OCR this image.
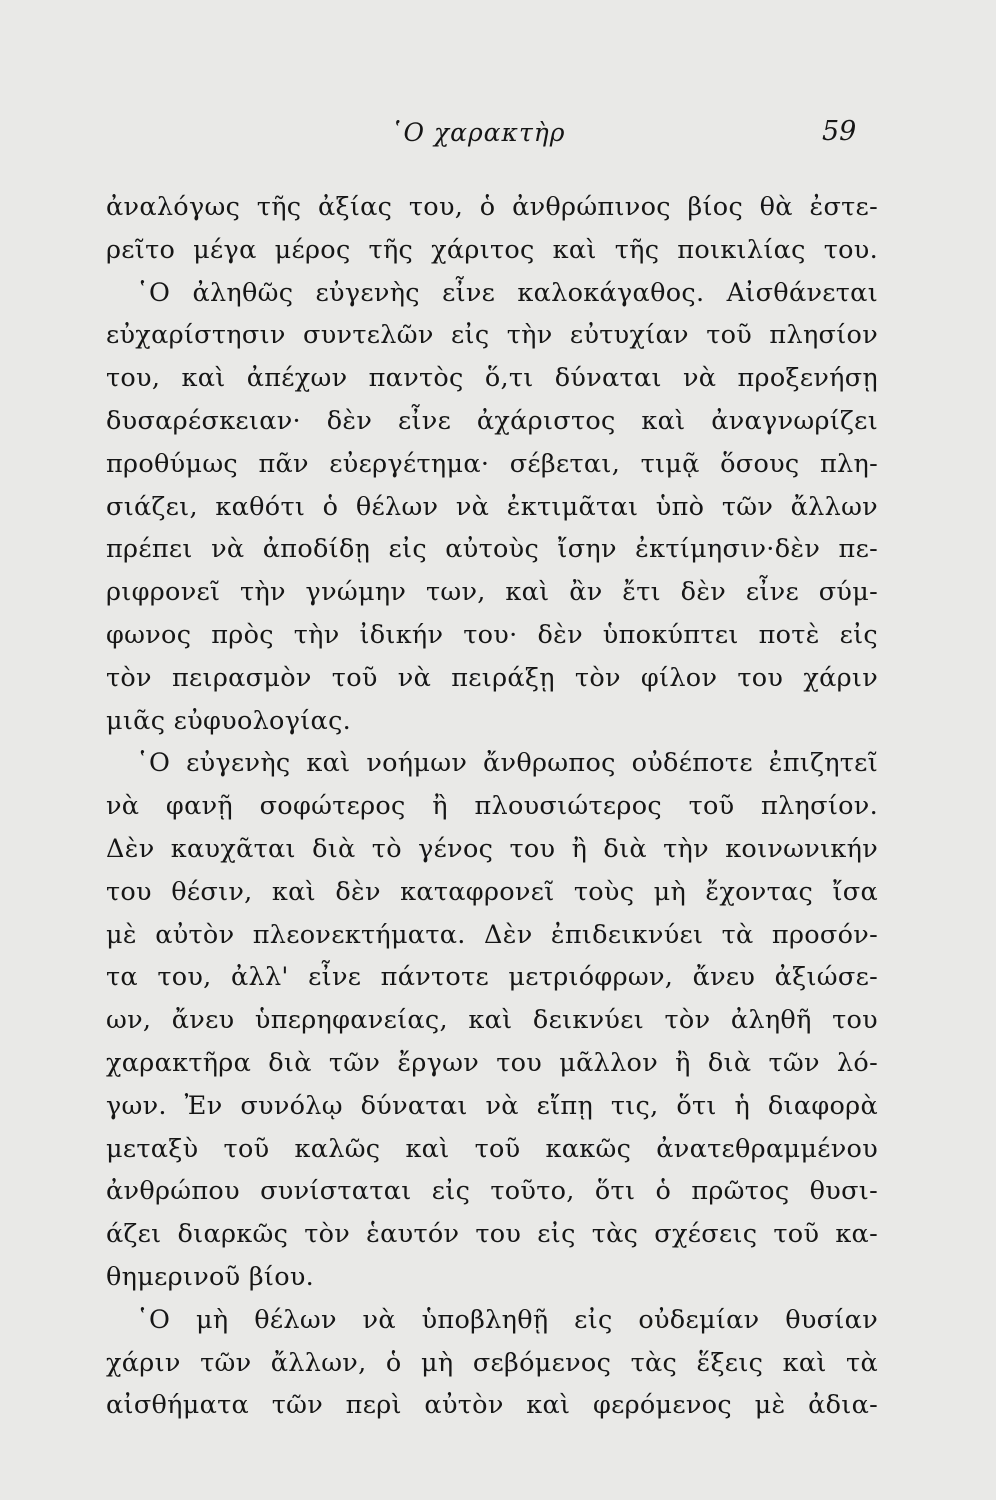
῾Ο χαρακτὴρ	59
ἀναλόγως τῆς ἀξίας του, ὁ ἀνθρώπινος βίος θὰ ἐστε-
ρεῖτο μέγα μέρος τῆς χάριτος καὶ τῆς ποικιλίας του.
῾Ο ἀληθῶς εὐγενὴς εἶνε καλοκάγαθος. Αἰσθάνεται
εὐχαρίστησιν συντελῶν εἰς τὴν εὐτυχίαν τοῦ πλησίον
του, καὶ ἀπέχων παντὸς ὅ,τι δύναται νὰ προξενήσῃ
δυσαρέσκειαν· δὲν εἶνε ἀχάριστος καὶ ἀναγνωρίζει
προθύμως πᾶν εὐεργέτημα· σέβεται, τιμᾷ ὅσους πλη-
σιάζει, καθότι ὁ θέλων νὰ ἐκτιμᾶται ὑπὸ τῶν ἄλλων
πρέπει νὰ ἀποδίδῃ εἰς αὐτοὺς ἴσην ἐκτίμησιν·δὲν πε-
ριφρονεῖ τὴν γνώμην των, καὶ ἂν ἔτι δὲν εἶνε σύμ-
φωνος πρὸς τὴν ἰδικήν του· δὲν ὑποκύπτει ποτὲ εἰς
τὸν πειρασμὸν τοῦ νὰ πειράξῃ τὸν φίλον του χάριν
μιᾶς εὐφυολογίας.
῾Ο εὐγενὴς καὶ νοήμων ἄνθρωπος οὐδέποτε ἐπιζητεῖ
νὰ φανῇ σοφώτερος ἢ πλουσιώτερος τοῦ πλησίον.
Δὲν καυχᾶται διὰ τὸ γένος του ἢ διὰ τὴν κοινωνικήν
του θέσιν, καὶ δὲν καταφρονεῖ τοὺς μὴ ἔχοντας ἴσα
μὲ αὐτὸν πλεονεκτήματα. Δὲν ἐπιδεικνύει τὰ προσόν-
τα του, ἀλλ' εἶνε πάντοτε μετριόφρων, ἄνευ ἀξιώσε-
ων, ἄνευ ὑπερηφανείας, καὶ δεικνύει τὸν ἀληθῆ του
χαρακτῆρα διὰ τῶν ἔργων του μᾶλλον ἢ διὰ τῶν λό-
γων. Ἐν συνόλῳ δύναται νὰ εἴπῃ τις, ὅτι ἡ διαφορὰ
μεταξὺ τοῦ καλῶς καὶ τοῦ κακῶς ἀνατεθραμμένου
ἀνθρώπου συνίσταται εἰς τοῦτο, ὅτι ὁ πρῶτος θυσι-
άζει διαρκῶς τὸν ἑαυτόν του εἰς τὰς σχέσεις τοῦ κα-
θημερινοῦ βίου.
῾Ο μὴ θέλων νὰ ὑποβληθῇ εἰς οὐδεμίαν θυσίαν
χάριν τῶν ἄλλων, ὁ μὴ σεβόμενος τὰς ἕξεις καὶ τὰ
αἰσθήματα τῶν περὶ αὐτὸν καὶ φερόμενος μὲ ἀδια-
